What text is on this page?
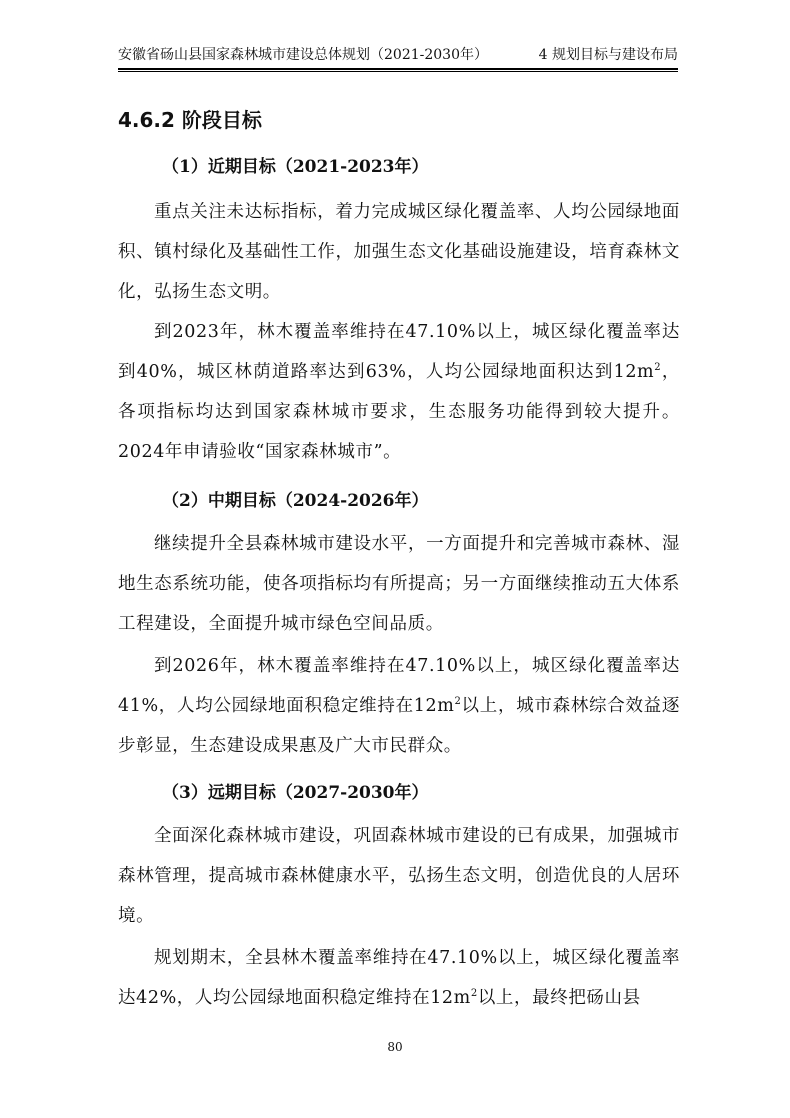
安徽省砀山县国家森林城市建设总体规划（2021-2030年）	4 规划目标与建设布局
4.6.2 阶段目标
（1）近期目标（2021-2023年）
重点关注未达标指标，着力完成城区绿化覆盖率、人均公园绿地面积、镇村绿化及基础性工作，加强生态文化基础设施建设，培育森林文化，弘扬生态文明。
到2023年，林木覆盖率维持在47.10%以上，城区绿化覆盖率达到40%，城区林荫道路率达到63%，人均公园绿地面积达到$12m^2$，各项指标均达到国家森林城市要求，生态服务功能得到较大提升。2024年申请验收“国家森林城市”。
（2）中期目标（2024-2026年）
继续提升全县森林城市建设水平，一方面提升和完善城市森林、湿地生态系统功能，使各项指标均有所提高；另一方面继续推动五大体系工程建设，全面提升城市绿色空间品质。
到2026年，林木覆盖率维持在47.10%以上，城区绿化覆盖率达41%，人均公园绿地面积稳定维持在$12m^2$以上，城市森林综合效益逐步彰显，生态建设成果惠及广大市民群众。
（3）远期目标（2027-2030年）
全面深化森林城市建设，巩固森林城市建设的已有成果，加强城市森林管理，提高城市森林健康水平，弘扬生态文明，创造优良的人居环境。
规划期末，全县林木覆盖率维持在47.10%以上，城区绿化覆盖率达42%，人均公园绿地面积稳定维持在$12m^2$以上，最终把砀山县
80
